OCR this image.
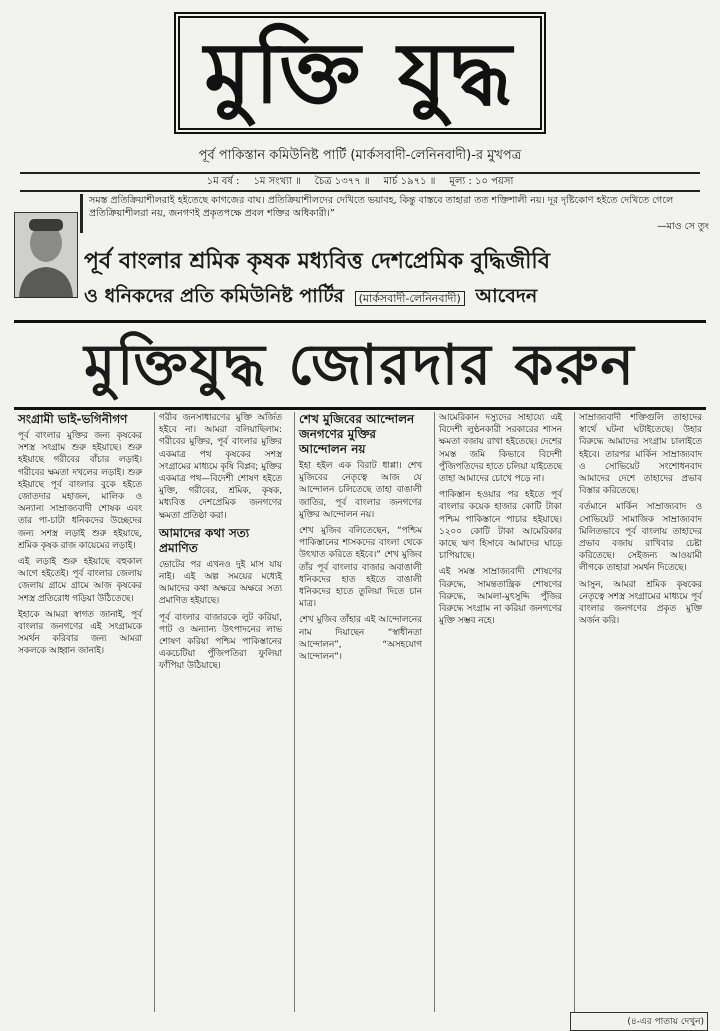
মুক্তি যুদ্ধ
পূর্ব পাকিস্তান কমিউনিষ্ট পার্টি (মার্কসবাদী-লেনিনবাদী)-র মুখপত্র
১ম বর্ষ : ১ম সংখ্যা ॥ চৈত্র ১৩৭৭ ॥ মার্চ ১৯৭১ ॥ মূল্য : ১০ পয়সা
সমস্ত প্রতিক্রিয়াশীলরাই হইতেছে কাগজের বাঘ। প্রতিক্রিয়াশীলদের দেখিতে ভয়াবহ, কিন্তু বাস্তবে তাহারা তত শক্তিশালী নয়। দূর দৃষ্টিকোণ হইতে দেখিতে গেলে প্রতিক্রিয়াশীলরা নয়, জনগণই প্রকৃতপক্ষে প্রবল শক্তির অধিকারী।”
—মাও সে তুং
পূর্ব বাংলার শ্রমিক কৃষক মধ্যবিত্ত দেশপ্রেমিক বুদ্ধিজীবি
ও ধনিকদের প্রতি কমিউনিষ্ট পার্টির (মার্কসবাদী-লেনিনবাদী) আবেদন
মুক্তিযুদ্ধ জোরদার করুন
সংগ্রামী ভাই-ভগিনীগণ

পূর্ব বাংলার মুক্তির জন্য কৃষকের সশস্ত্র সংগ্রাম শুরু হইয়াছে। শুরু হইয়াছে গরীবের বাঁচার লড়াই। গরীবের ক্ষমতা দখলের লড়াই। শুরু হইয়াছে পূর্ব বাংলার বুকে হইতে জোতদার মহাজন, মালিক ও অন্যান্য সাম্রাজ্যবাদী শোষক এবং তার পা-চাটা ধনিকদের উচ্ছেদের জন্য সশস্ত্র লড়াই শুরু হইয়াছে, শ্রমিক কৃষক রাজ কায়েমের লড়াই।

এই লড়াই শুরু হইয়াছে বহুকাল আগে হইতেই। পূর্ব বাংলার জেলায় জেলায় গ্রামে গ্রামে আজ কৃষকের সশস্ত্র প্রতিরোধ গড়িয়া উঠিতেছে।

ইহাকে আমরা স্বাগত জানাই, পূর্ব বাংলার জনগণের এই সংগ্রামকে সমর্থন করিবার জন্য আমরা সকলকে আহ্বান জানাই।

গরীব জনসাধারণের মুক্তি অর্জিত হইবে না। আমরা বলিয়াছিলাম: গরীবের মুক্তির, পূর্ব বাংলার মুক্তির একমাত্র পথ কৃষকের সশস্ত্র সংগ্রামের মাধ্যমে কৃষি বিপ্লব; মুক্তির একমাত্র পথ—বিদেশী শোষণ হইতে মুক্তি, গরীবের, শ্রমিক, কৃষক, মধ্যবিত্ত দেশপ্রেমিক জনগণের ক্ষমতা প্রতিষ্ঠা করা।

আমাদের কথা সত্য প্রমাণিত

ভোটের পর এখনও দুই মাস যায় নাই। এই অল্প সময়ের মধ্যেই আমাদের কথা অক্ষরে অক্ষরে সত্য প্রমাণিত হইয়াছে।

পূর্ব বাংলার বাজারকে লুট করিয়া, পাট ও অন্যান্য উৎপাদনের লাভ শোষণ করিয়া পশ্চিম পাকিস্তানের একচেটিয়া পুঁজিপতিরা ফুলিয়া ফাঁপিয়া উঠিয়াছে।

শেখ মুজিবের আন্দোলন জনগণের মুক্তির আন্দোলন নয়

ইহা হইল এক বিরাট ধাপ্পা। শেখ মুজিবের নেতৃত্বে আজ যে আন্দোলন চলিতেছে তাহা বাঙালী জাতির, পূর্ব বাংলার জনগণের মুক্তির আন্দোলন নয়।

শেখ মুজিব বলিতেছেন, “পশ্চিম পাকিস্তানের শাসকদের বাংলা থেকে উৎখাত করিতে হইবে।” শেখ মুজিব তাঁর পূর্ব বাংলার বাজার অবাঙালী ধনিকদের হাত হইতে বাঙালী ধনিকদের হাতে তুলিয়া দিতে চান মাত্র।

শেখ মুজিব তাঁহার এই আন্দোলনের নাম দিয়াছেন “স্বাধীনতা আন্দোলন”, “অসহযোগ আন্দোলন”।

আমেরিকান দস্যুদের সাহায্যে এই বিদেশী লুণ্ঠনকারী সরকারের শাসন ক্ষমতা বজায় রাখা হইতেছে। দেশের সমস্ত জমি কিভাবে বিদেশী পুঁজিপতিদের হাতে চলিয়া যাইতেছে তাহা আমাদের চোখে পড়ে না।

পাকিস্তান হওয়ার পর হইতে পূর্ব বাংলার কয়েক হাজার কোটি টাকা পশ্চিম পাকিস্তানে পাচার হইয়াছে। ১২০০ কোটি টাকা আমেরিকার কাছে ঋণ হিসাবে আমাদের ঘাড়ে চাপিয়াছে।

এই সমস্ত সাম্রাজ্যবাদী শোষণের বিরুদ্ধে, সামন্ততান্ত্রিক শোষণের বিরুদ্ধে, আমলা-মুৎসুদ্দি পুঁজির বিরুদ্ধে সংগ্রাম না করিয়া জনগণের মুক্তি সম্ভব নহে।

সাম্রাজ্যবাদী শক্তিগুলি তাহাদের স্বার্থে ঘটনা ঘটাইতেছে। উহার বিরুদ্ধে আমাদের সংগ্রাম চালাইতে হইবে। তারপর মার্কিন সাম্রাজ্যবাদ ও সোভিয়েট সংশোধনবাদ আমাদের দেশে তাহাদের প্রভাব বিস্তার করিতেছে।

বর্তমানে মার্কিন সাম্রাজ্যবাদ ও সোভিয়েট সামাজিক সাম্রাজ্যবাদ মিলিতভাবে পূর্ব বাংলায় তাহাদের প্রভাব বজায় রাখিবার চেষ্টা করিতেছে। সেইজন্য আওয়ামী লীগকে তাহারা সমর্থন দিতেছে।

আসুন, আমরা শ্রমিক কৃষকের নেতৃত্বে সশস্ত্র সংগ্রামের মাধ্যমে পূর্ব বাংলার জনগণের প্রকৃত মুক্তি অর্জন করি।

(৪-এর পাতায় দেখুন)
